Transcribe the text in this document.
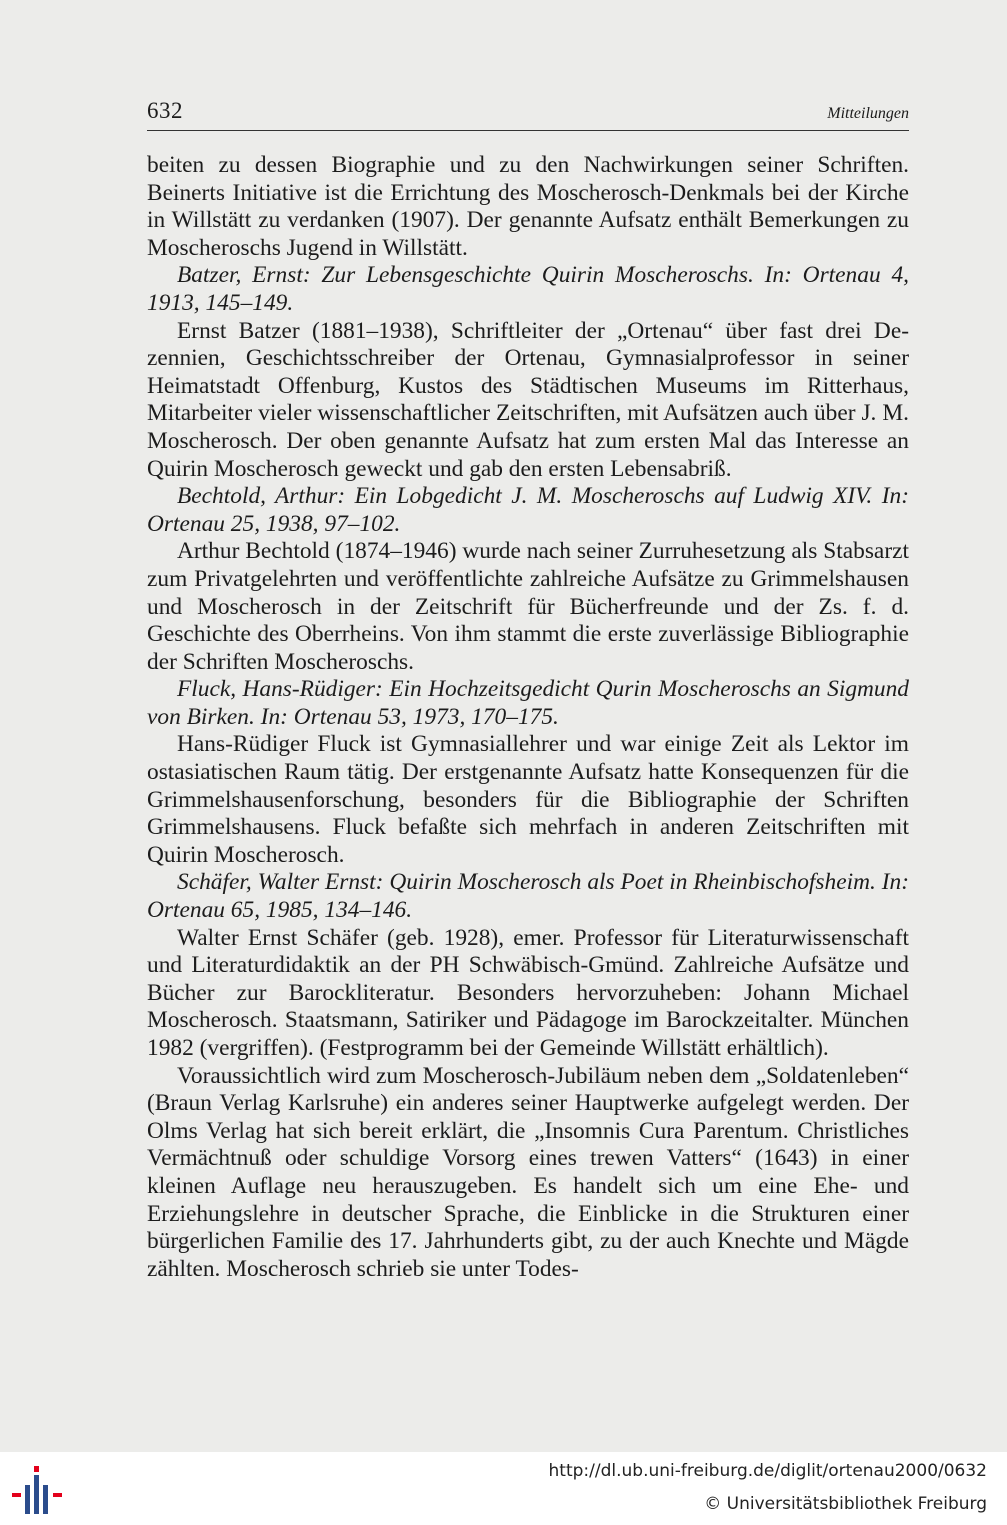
632	Mitteilungen

beiten zu dessen Biographie und zu den Nachwirkungen seiner Schriften. Beinerts Initiative ist die Errichtung des Moscherosch-Denkmals bei der Kirche in Willstätt zu verdanken (1907). Der genannte Aufsatz enthält Bemerkungen zu Moscheroschs Jugend in Willstätt.

Batzer, Ernst: Zur Lebensgeschichte Quirin Moscheroschs. In: Ortenau 4, 1913, 145–149.

Ernst Batzer (1881–1938), Schriftleiter der „Ortenau“ über fast drei Dezennien, Geschichtsschreiber der Ortenau, Gymnasialprofessor in seiner Heimatstadt Offenburg, Kustos des Städtischen Museums im Ritterhaus, Mitarbeiter vieler wissenschaftlicher Zeitschriften, mit Aufsätzen auch über J. M. Moscherosch. Der oben genannte Aufsatz hat zum ersten Mal das Interesse an Quirin Moscherosch geweckt und gab den ersten Lebensabriß.

Bechtold, Arthur: Ein Lobgedicht J. M. Moscheroschs auf Ludwig XIV. In: Ortenau 25, 1938, 97–102.

Arthur Bechtold (1874–1946) wurde nach seiner Zurruhesetzung als Stabsarzt zum Privatgelehrten und veröffentlichte zahlreiche Aufsätze zu Grimmelshausen und Moscherosch in der Zeitschrift für Bücherfreunde und der Zs. f. d. Geschichte des Oberrheins. Von ihm stammt die erste zuverlässige Bibliographie der Schriften Moscheroschs.

Fluck, Hans-Rüdiger: Ein Hochzeitsgedicht Qurin Moscheroschs an Sigmund von Birken. In: Ortenau 53, 1973, 170–175.

Hans-Rüdiger Fluck ist Gymnasiallehrer und war einige Zeit als Lektor im ostasiatischen Raum tätig. Der erstgenannte Aufsatz hatte Konsequenzen für die Grimmelshausenforschung, besonders für die Bibliographie der Schriften Grimmelshausens. Fluck befaßte sich mehrfach in anderen Zeitschriften mit Quirin Moscherosch.

Schäfer, Walter Ernst: Quirin Moscherosch als Poet in Rheinbischofsheim. In: Ortenau 65, 1985, 134–146.

Walter Ernst Schäfer (geb. 1928), emer. Professor für Literaturwissenschaft und Literaturdidaktik an der PH Schwäbisch-Gmünd. Zahlreiche Aufsätze und Bücher zur Barockliteratur. Besonders hervorzuheben: Johann Michael Moscherosch. Staatsmann, Satiriker und Pädagoge im Barockzeitalter. München 1982 (vergriffen). (Festprogramm bei der Gemeinde Willstätt erhältlich).

Voraussichtlich wird zum Moscherosch-Jubiläum neben dem „Soldatenleben“ (Braun Verlag Karlsruhe) ein anderes seiner Hauptwerke aufgelegt werden. Der Olms Verlag hat sich bereit erklärt, die „Insomnis Cura Parentum. Christliches Vermächtnuß oder schuldige Vorsorg eines trewen Vatters“ (1643) in einer kleinen Auflage neu herauszugeben. Es handelt sich um eine Ehe- und Erziehungslehre in deutscher Sprache, die Einblicke in die Strukturen einer bürgerlichen Familie des 17. Jahrhunderts gibt, zu der auch Knechte und Mägde zählten. Moscherosch schrieb sie unter Todes-

http://dl.ub.uni-freiburg.de/diglit/ortenau2000/0632
© Universitätsbibliothek Freiburg
